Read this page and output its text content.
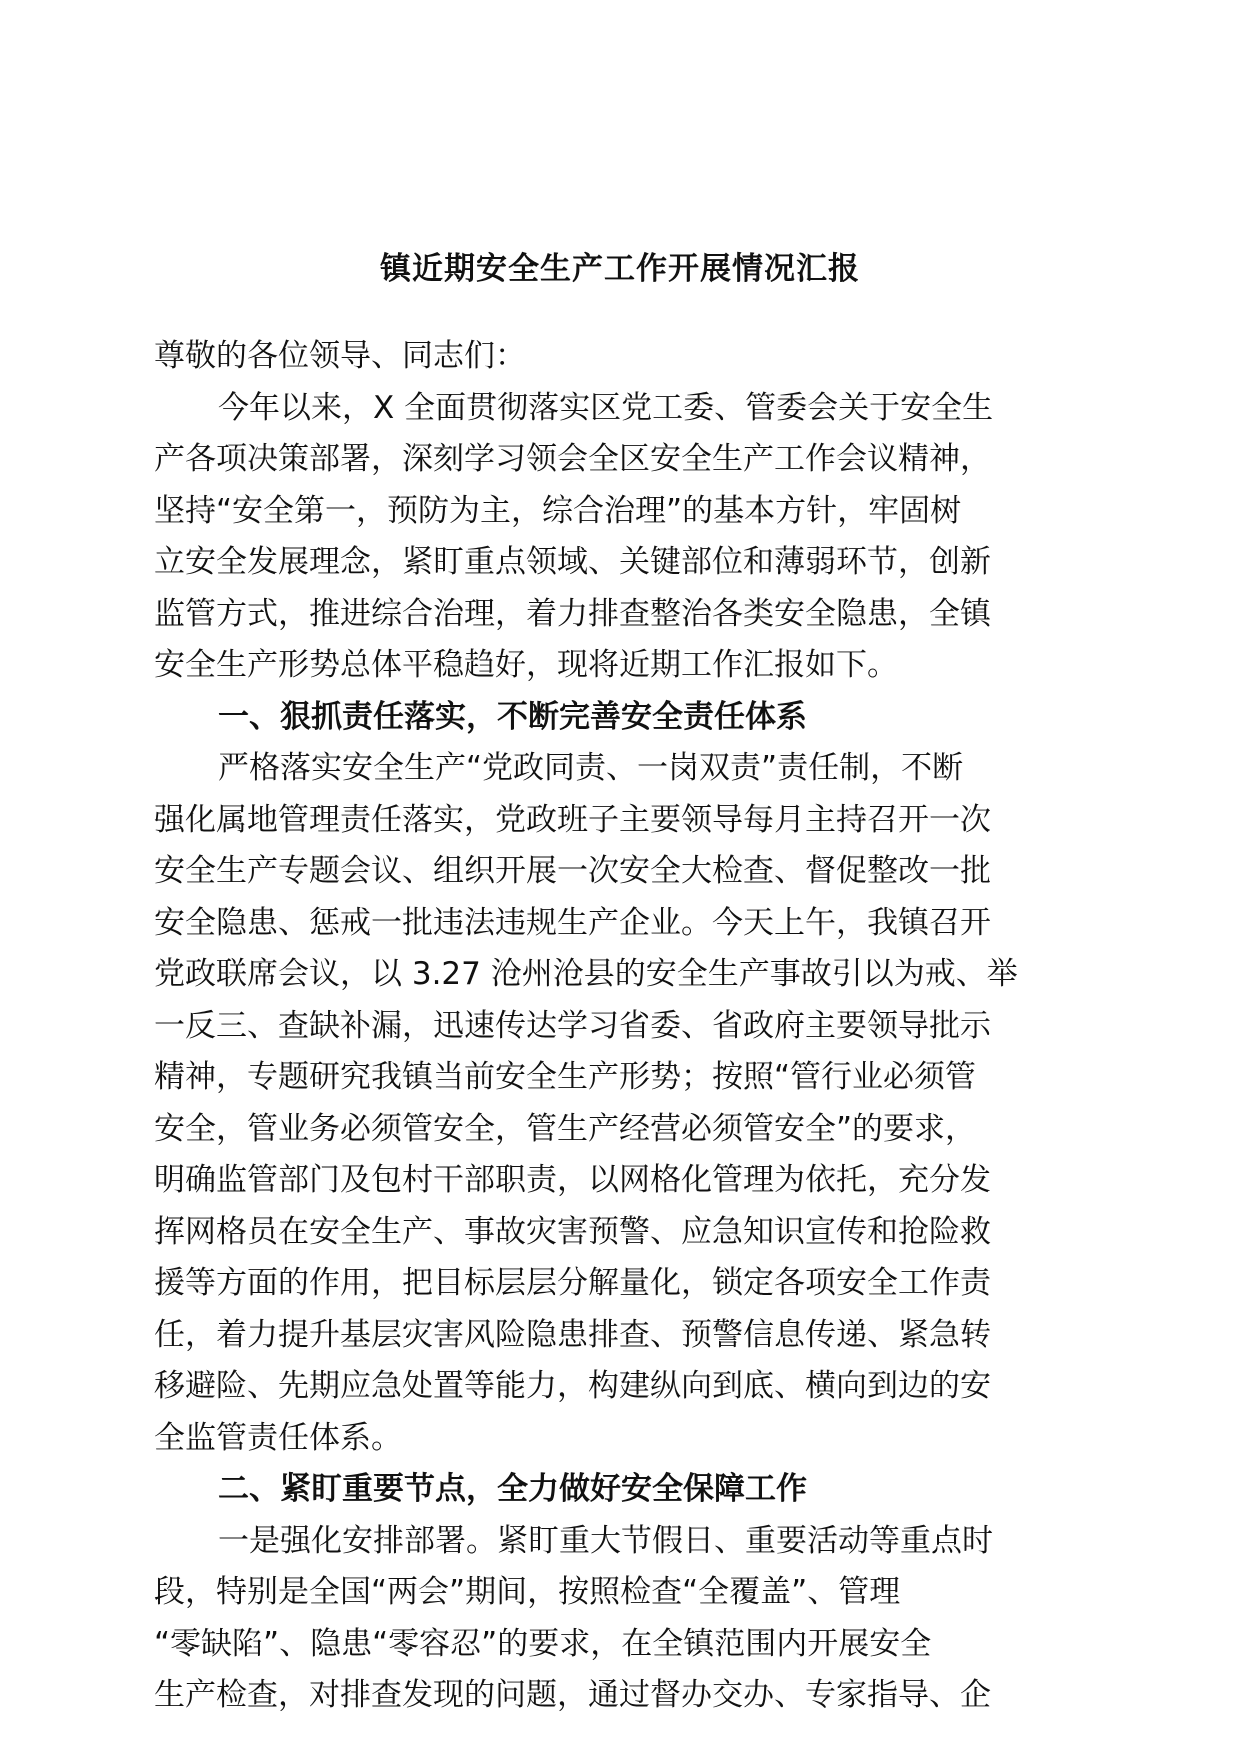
镇近期安全生产工作开展情况汇报
尊敬的各位领导、同志们：
今年以来，X 全面贯彻落实区党工委、管委会关于安全生
产各项决策部署，深刻学习领会全区安全生产工作会议精神，
坚持“安全第一，预防为主，综合治理”的基本方针，牢固树
立安全发展理念，紧盯重点领域、关键部位和薄弱环节，创新
监管方式，推进综合治理，着力排查整治各类安全隐患，全镇
安全生产形势总体平稳趋好，现将近期工作汇报如下。
一、狠抓责任落实，不断完善安全责任体系
严格落实安全生产“党政同责、一岗双责”责任制，不断
强化属地管理责任落实，党政班子主要领导每月主持召开一次
安全生产专题会议、组织开展一次安全大检查、督促整改一批
安全隐患、惩戒一批违法违规生产企业。今天上午，我镇召开
党政联席会议，以 3.27 沧州沧县的安全生产事故引以为戒、举
一反三、查缺补漏，迅速传达学习省委、省政府主要领导批示
精神，专题研究我镇当前安全生产形势；按照“管行业必须管
安全，管业务必须管安全，管生产经营必须管安全”的要求，
明确监管部门及包村干部职责，以网格化管理为依托，充分发
挥网格员在安全生产、事故灾害预警、应急知识宣传和抢险救
援等方面的作用，把目标层层分解量化，锁定各项安全工作责
任，着力提升基层灾害风险隐患排查、预警信息传递、紧急转
移避险、先期应急处置等能力，构建纵向到底、横向到边的安
全监管责任体系。
二、紧盯重要节点，全力做好安全保障工作
一是强化安排部署。紧盯重大节假日、重要活动等重点时
段，特别是全国“两会”期间，按照检查“全覆盖”、管理
“零缺陷”、隐患“零容忍”的要求，在全镇范围内开展安全
生产检查，对排查发现的问题，通过督办交办、专家指导、企
